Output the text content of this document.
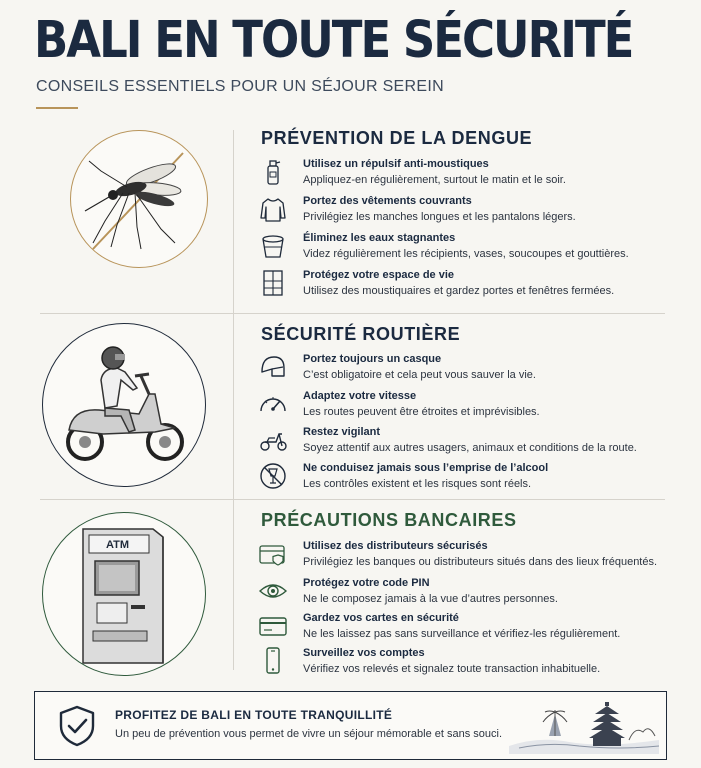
BALI EN TOUTE SÉCURITÉ

CONSEILS ESSENTIELS POUR UN SÉJOUR SEREIN

PRÉVENTION DE LA DENGUE
Utilisez un répulsif anti-moustiques
Appliquez-en régulièrement, surtout le matin et le soir.
Portez des vêtements couvrants
Privilégiez les manches longues et les pantalons légers.
Éliminez les eaux stagnantes
Videz régulièrement les récipients, vases, soucoupes et gouttières.
Protégez votre espace de vie
Utilisez des moustiquaires et gardez portes et fenêtres fermées.
SÉCURITÉ ROUTIÈRE
Portez toujours un casque
C’est obligatoire et cela peut vous sauver la vie.
Adaptez votre vitesse
Les routes peuvent être étroites et imprévisibles.
Restez vigilant
Soyez attentif aux autres usagers, animaux et conditions de la route.
Ne conduisez jamais sous l’emprise de l’alcool
Les contrôles existent et les risques sont réels.
ATM
PRÉCAUTIONS BANCAIRES
Utilisez des distributeurs sécurisés
Privilégiez les banques ou distributeurs situés dans des lieux fréquentés.
Protégez votre code PIN
Ne le composez jamais à la vue d’autres personnes.
Gardez vos cartes en sécurité
Ne les laissez pas sans surveillance et vérifiez-les régulièrement.
Surveillez vos comptes
Vérifiez vos relevés et signalez toute transaction inhabituelle.
PROFITEZ DE BALI EN TOUTE TRANQUILLITÉ
Un peu de prévention vous permet de vivre un séjour mémorable et sans souci.
